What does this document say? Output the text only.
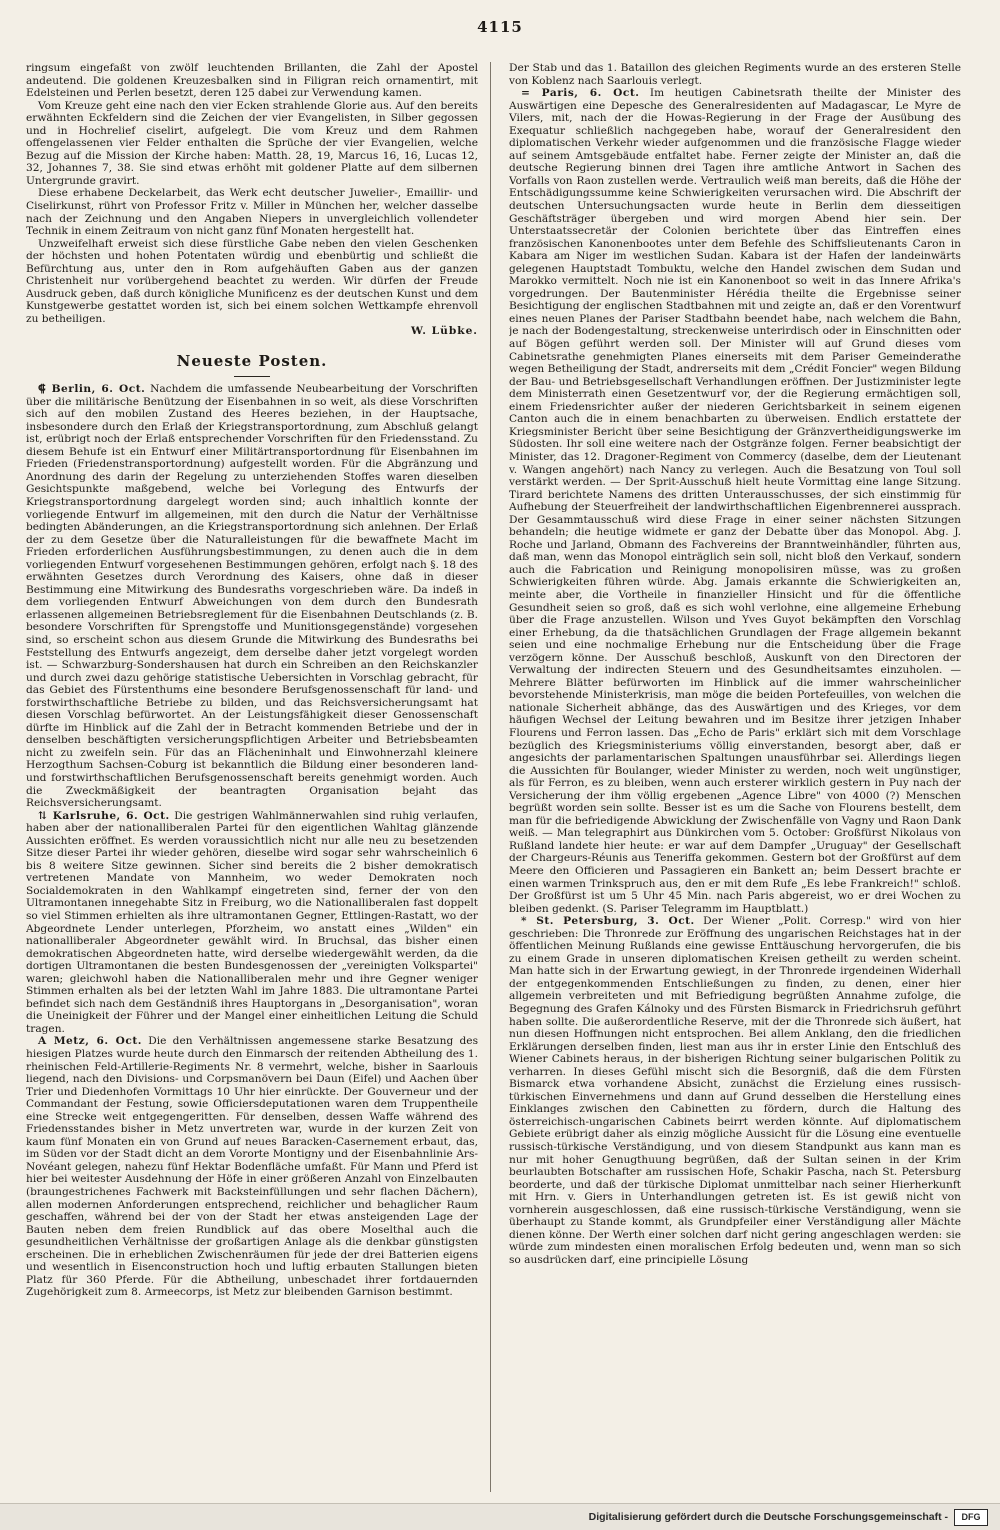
4115

ringsum eingefaßt von zwölf leuchtenden Brillanten, die Zahl der Apostel andeutend. Die goldenen Kreuzesbalken sind in Filigran reich ornamentirt, mit Edelsteinen und Perlen besetzt, deren 125 dabei zur Verwendung kamen.

Vom Kreuze geht eine nach den vier Ecken strahlende Glorie aus. Auf den bereits erwähnten Eckfeldern sind die Zeichen der vier Evangelisten, in Silber gegossen und in Hochrelief ciselirt, aufgelegt. Die vom Kreuz und dem Rahmen offengelassenen vier Felder enthalten die Sprüche der vier Evangelien, welche Bezug auf die Mission der Kirche haben: Matth. 28, 19, Marcus 16, 16, Lucas 12, 32, Johannes 7, 38. Sie sind etwas erhöht mit goldener Platte auf dem silbernen Untergrunde gravirt.

Diese erhabene Deckelarbeit, das Werk echt deutscher Juwelier-, Emaillir- und Ciselirkunst, rührt von Professor Fritz v. Miller in München her, welcher dasselbe nach der Zeichnung und den Angaben Niepers in unvergleichlich vollendeter Technik in einem Zeitraum von nicht ganz fünf Monaten hergestellt hat.

Unzweifelhaft erweist sich diese fürstliche Gabe neben den vielen Geschenken der höchsten und hohen Potentaten würdig und ebenbürtig und schließt die Befürchtung aus, unter den in Rom aufgehäuften Gaben aus der ganzen Christenheit nur vorübergehend beachtet zu werden. Wir dürfen der Freude Ausdruck geben, daß durch königliche Munificenz es der deutschen Kunst und dem Kunstgewerbe gestattet worden ist, sich bei einem solchen Wettkampfe ehrenvoll zu betheiligen.

W. Lübke.

Neueste Posten.

⸿ Berlin, 6. Oct. Nachdem die umfassende Neubearbeitung der Vorschriften über die militärische Benützung der Eisenbahnen in so weit, als diese Vorschriften sich auf den mobilen Zustand des Heeres beziehen, in der Hauptsache, insbesondere durch den Erlaß der Kriegstransportordnung, zum Abschluß gelangt ist, erübrigt noch der Erlaß entsprechender Vorschriften für den Friedensstand. Zu diesem Behufe ist ein Entwurf einer Militärtransportordnung für Eisenbahnen im Frieden (Friedenstransportordnung) aufgestellt worden. Für die Abgränzung und Anordnung des darin der Regelung zu unterziehenden Stoffes waren dieselben Gesichtspunkte maßgebend, welche bei Vorlegung des Entwurfs der Kriegstransportordnung dargelegt worden sind; auch inhaltlich konnte der vorliegende Entwurf im allgemeinen, mit den durch die Natur der Verhältnisse bedingten Abänderungen, an die Kriegstransportordnung sich anlehnen. Der Erlaß der zu dem Gesetze über die Naturalleistungen für die bewaffnete Macht im Frieden erforderlichen Ausführungsbestimmungen, zu denen auch die in dem vorliegenden Entwurf vorgesehenen Bestimmungen gehören, erfolgt nach §. 18 des erwähnten Gesetzes durch Verordnung des Kaisers, ohne daß in dieser Bestimmung eine Mitwirkung des Bundesraths vorgeschrieben wäre. Da indeß in dem vorliegenden Entwurf Abweichungen von dem durch den Bundesrath erlassenen allgemeinen Betriebsreglement für die Eisenbahnen Deutschlands (z. B. besondere Vorschriften für Sprengstoffe und Munitionsgegenstände) vorgesehen sind, so erscheint schon aus diesem Grunde die Mitwirkung des Bundesraths bei Feststellung des Entwurfs angezeigt, dem derselbe daher jetzt vorgelegt worden ist. — Schwarzburg-Sondershausen hat durch ein Schreiben an den Reichskanzler und durch zwei dazu gehörige statistische Uebersichten in Vorschlag gebracht, für das Gebiet des Fürstenthums eine besondere Berufsgenossenschaft für land- und forstwirthschaftliche Betriebe zu bilden, und das Reichsversicherungsamt hat diesen Vorschlag befürwortet. An der Leistungsfähigkeit dieser Genossenschaft dürfte im Hinblick auf die Zahl der in Betracht kommenden Betriebe und der in denselben beschäftigten versicherungspflichtigen Arbeiter und Betriebsbeamten nicht zu zweifeln sein. Für das an Flächeninhalt und Einwohnerzahl kleinere Herzogthum Sachsen-Coburg ist bekanntlich die Bildung einer besonderen land- und forstwirthschaftlichen Berufsgenossenschaft bereits genehmigt worden. Auch die Zweckmäßigkeit der beantragten Organisation bejaht das Reichsversicherungsamt.

⇅ Karlsruhe, 6. Oct. Die gestrigen Wahlmännerwahlen sind ruhig verlaufen, haben aber der nationalliberalen Partei für den eigentlichen Wahltag glänzende Aussichten eröffnet. Es werden voraussichtlich nicht nur alle neu zu besetzenden Sitze dieser Partei ihr wieder gehören, dieselbe wird sogar sehr wahrscheinlich 6 bis 8 weitere Sitze gewinnen. Sicher sind bereits die 2 bisher demokratisch vertretenen Mandate von Mannheim, wo weder Demokraten noch Socialdemokraten in den Wahlkampf eingetreten sind, ferner der von den Ultramontanen innegehabte Sitz in Freiburg, wo die Nationalliberalen fast doppelt so viel Stimmen erhielten als ihre ultramontanen Gegner, Ettlingen-Rastatt, wo der Abgeordnete Lender unterlegen, Pforzheim, wo anstatt eines „Wilden" ein nationalliberaler Abgeordneter gewählt wird. In Bruchsal, das bisher einen demokratischen Abgeordneten hatte, wird derselbe wiedergewählt werden, da die dortigen Ultramontanen die besten Bundesgenossen der „vereinigten Volkspartei" waren; gleichwohl haben die Nationalliberalen mehr und ihre Gegner weniger Stimmen erhalten als bei der letzten Wahl im Jahre 1883. Die ultramontane Partei befindet sich nach dem Geständniß ihres Hauptorgans in „Desorganisation", woran die Uneinigkeit der Führer und der Mangel einer einheitlichen Leitung die Schuld tragen.

A Metz, 6. Oct. Die den Verhältnissen angemessene starke Besatzung des hiesigen Platzes wurde heute durch den Einmarsch der reitenden Abtheilung des 1. rheinischen Feld-Artillerie-Regiments Nr. 8 vermehrt, welche, bisher in Saarlouis liegend, nach den Divisions- und Corpsmanövern bei Daun (Eifel) und Aachen über Trier und Diedenhofen Vormittags 10 Uhr hier einrückte. Der Gouverneur und der Commandant der Festung, sowie Officiersdeputationen waren dem Truppentheile eine Strecke weit entgegengeritten. Für denselben, dessen Waffe während des Friedensstandes bisher in Metz unvertreten war, wurde in der kurzen Zeit von kaum fünf Monaten ein von Grund auf neues Baracken-Casernement erbaut, das, im Süden vor der Stadt dicht an dem Vororte Montigny und der Eisenbahnlinie Ars-Novéant gelegen, nahezu fünf Hektar Bodenfläche umfaßt. Für Mann und Pferd ist hier bei weitester Ausdehnung der Höfe in einer größeren Anzahl von Einzelbauten (braungestrichenes Fachwerk mit Backsteinfüllungen und sehr flachen Dächern), allen modernen Anforderungen entsprechend, reichlicher und behaglicher Raum geschaffen, während bei der von der Stadt her etwas ansteigenden Lage der Bauten neben dem freien Rundblick auf das obere Moselthal auch die gesundheitlichen Verhältnisse der großartigen Anlage als die denkbar günstigsten erscheinen. Die in erheblichen Zwischenräumen für jede der drei Batterien eigens und wesentlich in Eisenconstruction hoch und luftig erbauten Stallungen bieten Platz für 360 Pferde. Für die Abtheilung, unbeschadet ihrer fortdauernden Zugehörigkeit zum 8. Armeecorps, ist Metz zur bleibenden Garnison bestimmt.

Der Stab und das 1. Bataillon des gleichen Regiments wurde an des ersteren Stelle von Koblenz nach Saarlouis verlegt.

= Paris, 6. Oct. Im heutigen Cabinetsrath theilte der Minister des Auswärtigen eine Depesche des Generalresidenten auf Madagascar, Le Myre de Vilers, mit, nach der die Howas-Regierung in der Frage der Ausübung des Exequatur schließlich nachgegeben habe, worauf der Generalresident den diplomatischen Verkehr wieder aufgenommen und die französische Flagge wieder auf seinem Amtsgebäude entfaltet habe. Ferner zeigte der Minister an, daß die deutsche Regierung binnen drei Tagen ihre amtliche Antwort in Sachen des Vorfalls von Raon zustellen werde. Vertraulich weiß man bereits, daß die Höhe der Entschädigungssumme keine Schwierigkeiten verursachen wird. Die Abschrift der deutschen Untersuchungsacten wurde heute in Berlin dem diesseitigen Geschäftsträger übergeben und wird morgen Abend hier sein. Der Unterstaatssecretär der Colonien berichtete über das Eintreffen eines französischen Kanonenbootes unter dem Befehle des Schiffslieutenants Caron in Kabara am Niger im westlichen Sudan. Kabara ist der Hafen der landeinwärts gelegenen Hauptstadt Tombuktu, welche den Handel zwischen dem Sudan und Marokko vermittelt. Noch nie ist ein Kanonenboot so weit in das Innere Afrika's vorgedrungen. Der Bautenminister Hérédia theilte die Ergebnisse seiner Besichtigung der englischen Stadtbahnen mit und zeigte an, daß er den Vorentwurf eines neuen Planes der Pariser Stadtbahn beendet habe, nach welchem die Bahn, je nach der Bodengestaltung, streckenweise unterirdisch oder in Einschnitten oder auf Bögen geführt werden soll. Der Minister will auf Grund dieses vom Cabinetsrathe genehmigten Planes einerseits mit dem Pariser Gemeinderathe wegen Betheiligung der Stadt, andrerseits mit dem „Crédit Foncier" wegen Bildung der Bau- und Betriebsgesellschaft Verhandlungen eröffnen. Der Justizminister legte dem Ministerrath einen Gesetzentwurf vor, der die Regierung ermächtigen soll, einem Friedensrichter außer der niederen Gerichtsbarkeit in seinem eigenen Canton auch die in einem benachbarten zu überweisen. Endlich erstattete der Kriegsminister Bericht über seine Besichtigung der Gränzvertheidigungswerke im Südosten. Ihr soll eine weitere nach der Ostgränze folgen. Ferner beabsichtigt der Minister, das 12. Dragoner-Regiment von Commercy (daselbe, dem der Lieutenant v. Wangen angehört) nach Nancy zu verlegen. Auch die Besatzung von Toul soll verstärkt werden. — Der Sprit-Ausschuß hielt heute Vormittag eine lange Sitzung. Tirard berichtete Namens des dritten Unterausschusses, der sich einstimmig für Aufhebung der Steuerfreiheit der landwirthschaftlichen Eigenbrennerei aussprach. Der Gesammtausschuß wird diese Frage in einer seiner nächsten Sitzungen behandeln; die heutige widmete er ganz der Debatte über das Monopol. Abg. J. Roche und Jarland, Obmann des Fachvereins der Branntweinhändler, führten aus, daß man, wenn das Monopol einträglich sein soll, nicht bloß den Verkauf, sondern auch die Fabrication und Reinigung monopolisiren müsse, was zu großen Schwierigkeiten führen würde. Abg. Jamais erkannte die Schwierigkeiten an, meinte aber, die Vortheile in finanzieller Hinsicht und für die öffentliche Gesundheit seien so groß, daß es sich wohl verlohne, eine allgemeine Erhebung über die Frage anzustellen. Wilson und Yves Guyot bekämpften den Vorschlag einer Erhebung, da die thatsächlichen Grundlagen der Frage allgemein bekannt seien und eine nochmalige Erhebung nur die Entscheidung über die Frage verzögern könne. Der Ausschuß beschloß, Auskunft von den Directoren der Verwaltung der indirecten Steuern und des Gesundheitsamtes einzuholen. — Mehrere Blätter befürworten im Hinblick auf die immer wahrscheinlicher bevorstehende Ministerkrisis, man möge die beiden Portefeuilles, von welchen die nationale Sicherheit abhänge, das des Auswärtigen und des Krieges, vor dem häufigen Wechsel der Leitung bewahren und im Besitze ihrer jetzigen Inhaber Flourens und Ferron lassen. Das „Echo de Paris" erklärt sich mit dem Vorschlage bezüglich des Kriegsministeriums völlig einverstanden, besorgt aber, daß er angesichts der parlamentarischen Spaltungen unausführbar sei. Allerdings liegen die Aussichten für Boulanger, wieder Minister zu werden, noch weit ungünstiger, als für Ferron, es zu bleiben, wenn auch ersterer wirklich gestern in Puy nach der Versicherung der ihm völlig ergebenen „Agence Libre" von 4000 (?) Menschen begrüßt worden sein sollte. Besser ist es um die Sache von Flourens bestellt, dem man für die befriedigende Abwicklung der Zwischenfälle von Vagny und Raon Dank weiß. — Man telegraphirt aus Dünkirchen vom 5. October: Großfürst Nikolaus von Rußland landete hier heute: er war auf dem Dampfer „Uruguay" der Gesellschaft der Chargeurs-Réunis aus Teneriffa gekommen. Gestern bot der Großfürst auf dem Meere den Officieren und Passagieren ein Bankett an; beim Dessert brachte er einen warmen Trinkspruch aus, den er mit dem Rufe „Es lebe Frankreich!" schloß. Der Großfürst ist um 5 Uhr 45 Min. nach Paris abgereist, wo er drei Wochen zu bleiben gedenkt. (S. Pariser Telegramm im Hauptblatt.)

* St. Petersburg, 3. Oct. Der Wiener „Polit. Corresp." wird von hier geschrieben: Die Thronrede zur Eröffnung des ungarischen Reichstages hat in der öffentlichen Meinung Rußlands eine gewisse Enttäuschung hervorgerufen, die bis zu einem Grade in unseren diplomatischen Kreisen getheilt zu werden scheint. Man hatte sich in der Erwartung gewiegt, in der Thronrede irgendeinen Widerhall der entgegenkommenden Entschließungen zu finden, zu denen, einer hier allgemein verbreiteten und mit Befriedigung begrüßten Annahme zufolge, die Begegnung des Grafen Kálnoky und des Fürsten Bismarck in Friedrichsruh geführt haben sollte. Die außerordentliche Reserve, mit der die Thronrede sich äußert, hat nun diesen Hoffnungen nicht entsprochen. Bei allem Anklang, den die friedlichen Erklärungen derselben finden, liest man aus ihr in erster Linie den Entschluß des Wiener Cabinets heraus, in der bisherigen Richtung seiner bulgarischen Politik zu verharren. In dieses Gefühl mischt sich die Besorgniß, daß die dem Fürsten Bismarck etwa vorhandene Absicht, zunächst die Erzielung eines russisch-türkischen Einvernehmens und dann auf Grund desselben die Herstellung eines Einklanges zwischen den Cabinetten zu fördern, durch die Haltung des österreichisch-ungarischen Cabinets beirrt werden könnte. Auf diplomatischem Gebiete erübrigt daher als einzig mögliche Aussicht für die Lösung eine eventuelle russisch-türkische Verständigung, und von diesem Standpunkt aus kann man es nur mit hoher Genugthuung begrüßen, daß der Sultan seinen in der Krim beurlaubten Botschafter am russischen Hofe, Schakir Pascha, nach St. Petersburg beorderte, und daß der türkische Diplomat unmittelbar nach seiner Hierherkunft mit Hrn. v. Giers in Unterhandlungen getreten ist. Es ist gewiß nicht von vornherein ausgeschlossen, daß eine russisch-türkische Verständigung, wenn sie überhaupt zu Stande kommt, als Grundpfeiler einer Verständigung aller Mächte dienen könne. Der Werth einer solchen darf nicht gering angeschlagen werden: sie würde zum mindesten einen moralischen Erfolg bedeuten und, wenn man so sich so ausdrücken darf, eine principielle Lösung

Digitalisierung gefördert durch die Deutsche Forschungsgemeinschaft -	DFG
